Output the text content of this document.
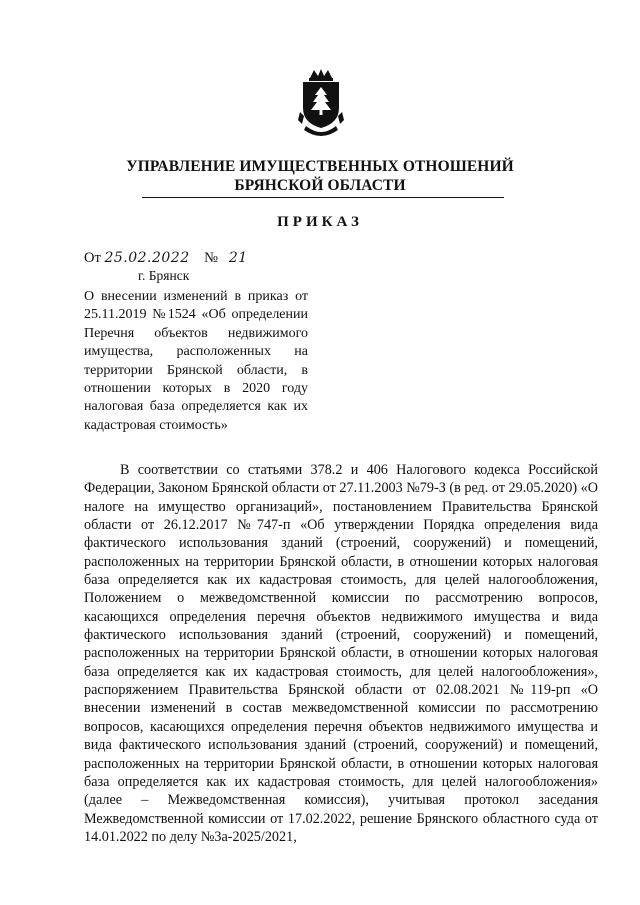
УПРАВЛЕНИЕ ИМУЩЕСТВЕННЫХ ОТНОШЕНИЙ
БРЯНСКОЙ ОБЛАСТИ
ПРИКАЗ
От 25.02.2022 № 21
г. Брянск
О внесении изменений в приказ от 25.11.2019 №1524 «Об определении Перечня объектов недвижимого имущества, расположенных на территории Брянской области, в отношении которых в 2020 году налоговая база определяется как их кадастровая стоимость»
В соответствии со статьями 378.2 и 406 Налогового кодекса Российской Федерации, Законом Брянской области от 27.11.2003 №79-З (в ред. от 29.05.2020) «О налоге на имущество организаций», постановлением Правительства Брянской области от 26.12.2017 №747-п «Об утверждении Порядка определения вида фактического использования зданий (строений, сооружений) и помещений, расположенных на территории Брянской области, в отношении которых налоговая база определяется как их кадастровая стоимость, для целей налогообложения, Положением о межведомственной комиссии по рассмотрению вопросов, касающихся определения перечня объектов недвижимого имущества и вида фактического использования зданий (строений, сооружений) и помещений, расположенных на территории Брянской области, в отношении которых налоговая база определяется как их кадастровая стоимость, для целей налогообложения», распоряжением Правительства Брянской области от 02.08.2021 №119-рп «О внесении изменений в состав межведомственной комиссии по рассмотрению вопросов, касающихся определения перечня объектов недвижимого имущества и вида фактического использования зданий (строений, сооружений) и помещений, расположенных на территории Брянской области, в отношении которых налоговая база определяется как их кадастровая стоимость, для целей налогообложения» (далее – Межведомственная комиссия), учитывая протокол заседания Межведомственной комиссии от 17.02.2022, решение Брянского областного суда от 14.01.2022 по делу №3а-2025/2021,
